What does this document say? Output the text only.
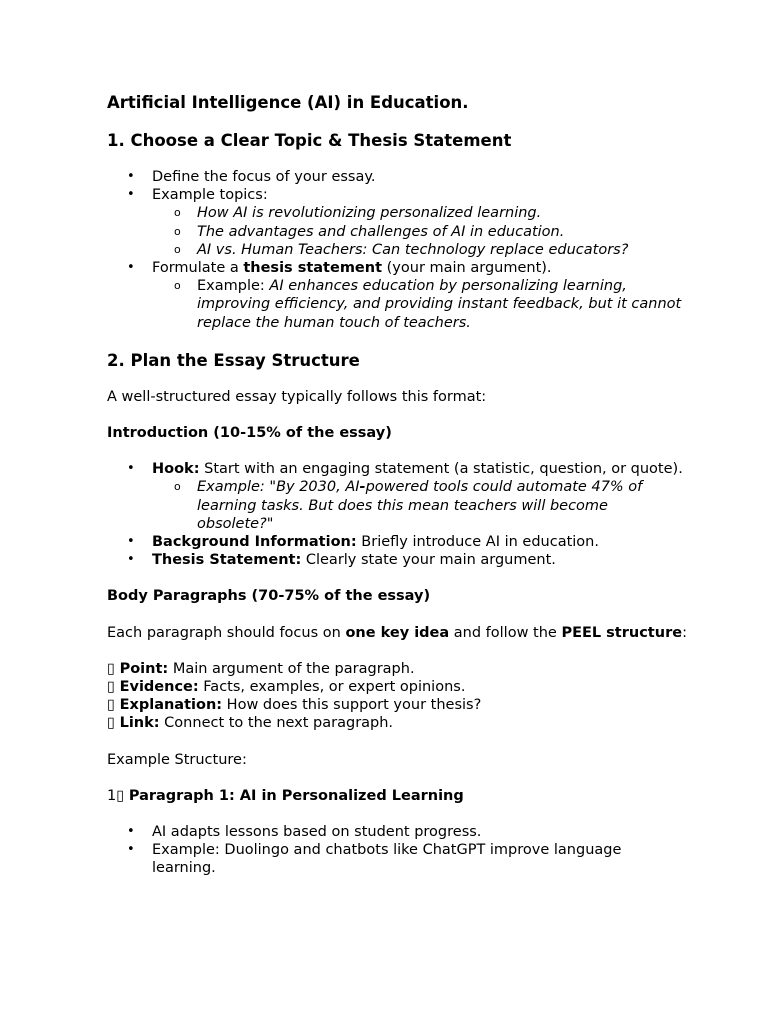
Artificial Intelligence (AI) in Education.
1. Choose a Clear Topic & Thesis Statement
• Define the focus of your essay.
• Example topics:
o How AI is revolutionizing personalized learning.
o The advantages and challenges of AI in education.
o AI vs. Human Teachers: Can technology replace educators?
• Formulate a thesis statement (your main argument).
o Example: AI enhances education by personalizing learning, improving efficiency, and providing instant feedback, but it cannot replace the human touch of teachers.
2. Plan the Essay Structure

A well-structured essay typically follows this format:

Introduction (10-15% of the essay)
• Hook: Start with an engaging statement (a statistic, question, or quote).
o Example: "By 2030, AI-powered tools could automate 47% of learning tasks. But does this mean teachers will become obsolete?"
• Background Information: Briefly introduce AI in education.
• Thesis Statement: Clearly state your main argument.
Body Paragraphs (70-75% of the essay)

Each paragraph should focus on one key idea and follow the PEEL structure:

▯ Point: Main argument of the paragraph.

▯ Evidence: Facts, examples, or expert opinions.

▯ Explanation: How does this support your thesis?

▯ Link: Connect to the next paragraph.

Example Structure:

1▯ Paragraph 1: AI in Personalized Learning
• AI adapts lessons based on student progress.
• Example: Duolingo and chatbots like ChatGPT improve language learning.
